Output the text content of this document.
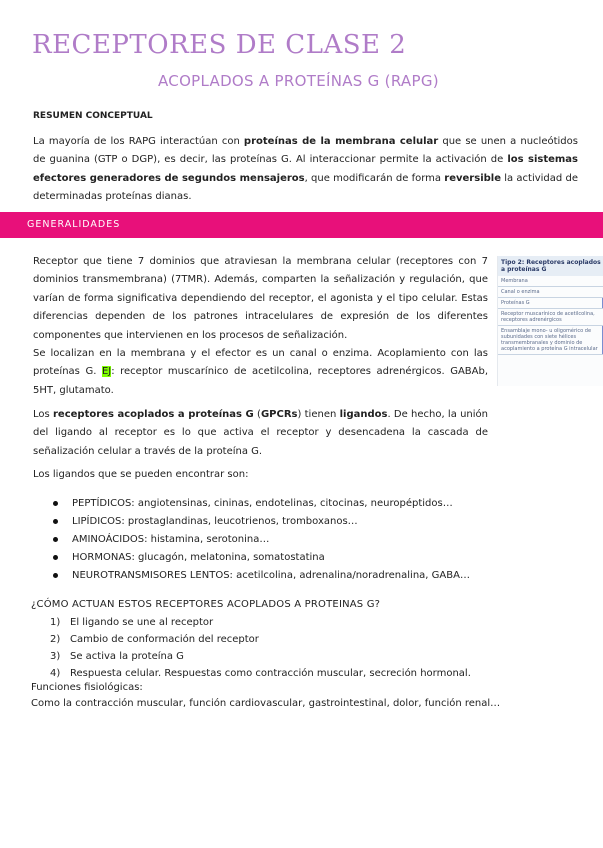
RECEPTORES DE CLASE 2
ACOPLADOS A PROTEÍNAS G (RAPG)
RESUMEN CONCEPTUAL
La mayoría de los RAPG interactúan con proteínas de la membrana celular que se unen a nucleótidos de guanina (GTP o DGP), es decir, las proteínas G. Al interaccionar permite la activación de los sistemas efectores generadores de segundos mensajeros, que modificarán de forma reversible la actividad de determinadas proteínas dianas.
GENERALIDADES
Receptor que tiene 7 dominios que atraviesan la membrana celular (receptores con 7 dominios transmembrana) (7TMR). Además, comparten la señalización y regulación, que varían de forma significativa dependiendo del receptor, el agonista y el tipo celular. Estas diferencias dependen de los patrones intracelulares de expresión de los diferentes componentes que intervienen en los procesos de señalización.
Se localizan en la membrana y el efector es un canal o enzima. Acoplamiento con las proteínas G. EJ: receptor muscarínico de acetilcolina, receptores adrenérgicos. GABAb, 5HT, glutamato.
Los receptores acoplados a proteínas G (GPCRs) tienen ligandos. De hecho, la unión del ligando al receptor es lo que activa el receptor y desencadena la cascada de señalización celular a través de la proteína G.
Los ligandos que se pueden encontrar son:
PEPTÍDICOS: angiotensinas, cininas, endotelinas, citocinas, neuropéptidos…
LIPÍDICOS: prostaglandinas, leucotrienos, tromboxanos…
AMINOÁCIDOS: histamina, serotonina…
HORMONAS: glucagón, melatonina, somatostatina
NEUROTRANSMISORES LENTOS: acetilcolina, adrenalina/noradrenalina, GABA…
¿CÓMO ACTUAN ESTOS RECEPTORES ACOPLADOS A PROTEINAS G?
1) El ligando se une al receptor
2) Cambio de conformación del receptor
3) Se activa la proteína G
4) Respuesta celular. Respuestas como contracción muscular, secreción hormonal.
Funciones fisiológicas:
Como la contracción muscular, función cardiovascular, gastrointestinal, dolor, función renal…
Tipo 2: Receptores acoplados a proteínas G
Membrana
Canal o enzima
Proteínas G
Receptor muscarínico de acetilcolina, receptores adrenérgicos
Ensamblaje mono- u oligomérico de subunidades con siete hélices transmembranales y dominio de acoplamiento a proteína G intracelular
